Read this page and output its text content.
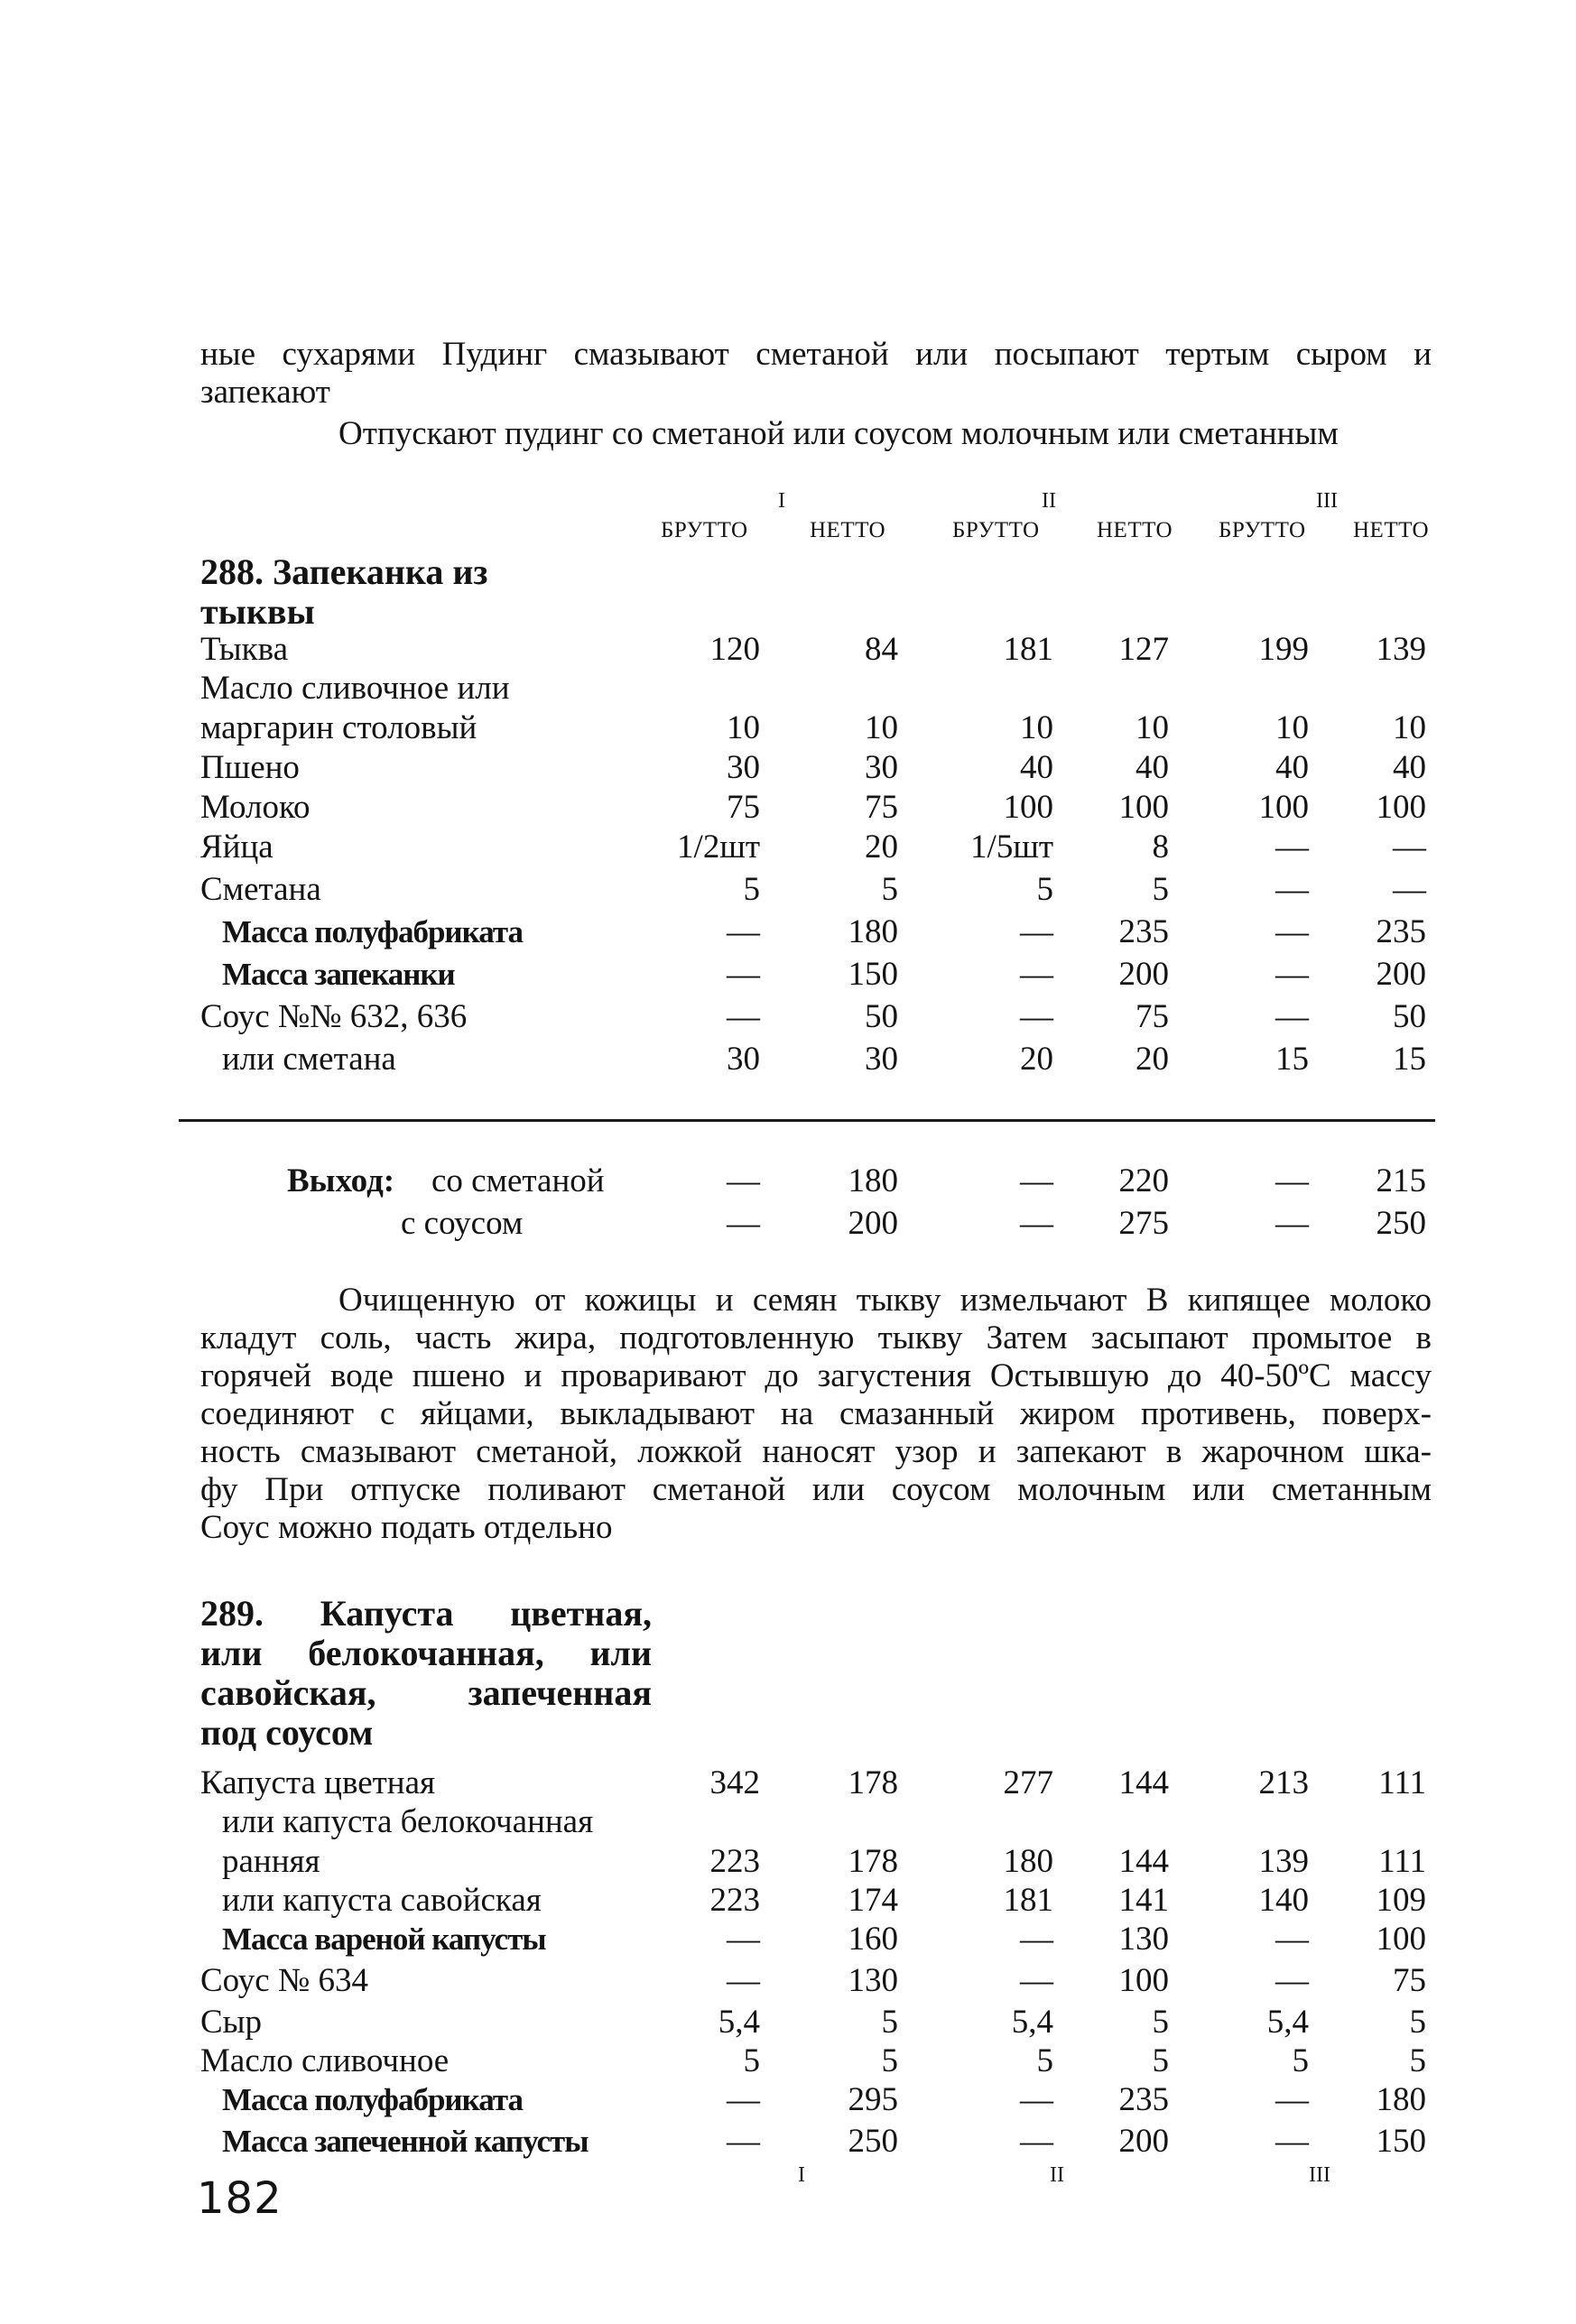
ные сухарями Пудинг смазывают сметаной или посыпают тертым сыром и
запекают
Отпускают пудинг со сметаной или соусом молочным или сметанным
I	II	III
БРУТТО	НЕТТО	БРУТТО	НЕТТО БРУТТО НЕТТО
288. Запеканка из
тыквы
Тыква	120	84	181	127	199	139
Масло сливочное или
маргарин столовый	10	10	10	10	10	10
Пшено	30	30	40	40	40	40
Молоко	75	75	100	100	100	100
Яйца	1/2шт	20	1/5шт	8	—	—
Сметана	5	5	5	5	—	—
Масса полуфабриката	—	180	—	235	—	235
Масса запеканки	—	150	—	200	—	200
Соус №№ 632, 636	—	50	—	75	—	50
или сметана	30	30	20	20	15	15
Выход: со сметаной	—	180	—	220	—	215
с соусом	—	200	—	275	—	250
Очищенную от кожицы и семян тыкву измельчают В кипящее молоко
кладут соль, часть жира, подготовленную тыкву Затем засыпают промытое в
горячей воде пшено и проваривают до загустения Остывшую до 40-50ºС массу
соединяют с яйцами, выкладывают на смазанный жиром противень, поверх-
ность смазывают сметаной, ложкой наносят узор и запекают в жарочном шка-
фу При отпуске поливают сметаной или соусом молочным или сметанным
Соус можно подать отдельно
289. Капуста цветная,
или белокочанная, или
савойская, запеченная
под соусом
Капуста цветная	342	178	277	144	213	111
или капуста белокочанная
ранняя	223	178	180	144	139	111
или капуста савойская	223	174	181	141	140	109
Масса вареной капусты	—	160	—	130	—	100
Соус № 634	—	130	—	100	—	75
Сыр	5,4	5	5,4	5	5,4	5
Масло сливочное	5	5	5	5	5	5
Масса полуфабриката	—	295	—	235	—	180
Масса запеченной капусты	—	250	—	200	—	150
I	II	III
182
